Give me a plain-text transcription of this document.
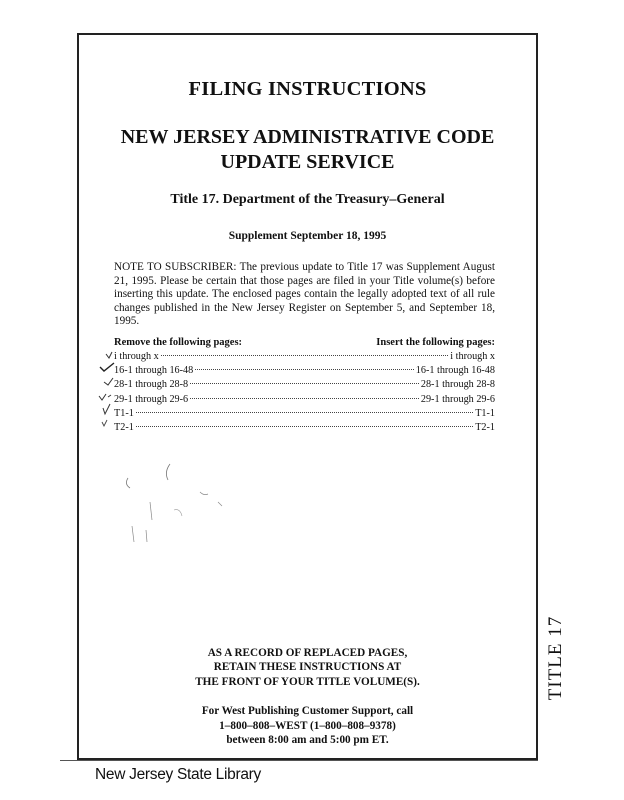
FILING INSTRUCTIONS
NEW JERSEY ADMINISTRATIVE CODE
UPDATE SERVICE
Title 17. Department of the Treasury–General
Supplement September 18, 1995
NOTE TO SUBSCRIBER: The previous update to Title 17 was Supplement August 21, 1995. Please be certain that those pages are filed in your Title volume(s) before inserting this update. The enclosed pages contain the legally adopted text of all rule changes published in the New Jersey Register on September 5, and September 18, 1995.
Remove the following pages:	Insert the following pages:
i through x	i through x
16-1 through 16-48	16-1 through 16-48
28-1 through 28-8	28-1 through 28-8
29-1 through 29-6	29-1 through 29-6
T1-1	T1-1
T2-1	T2-1
TITLE 17
AS A RECORD OF REPLACED PAGES,
RETAIN THESE INSTRUCTIONS AT
THE FRONT OF YOUR TITLE VOLUME(S).
For West Publishing Customer Support, call
1–800–808–WEST (1–800–808–9378)
between 8:00 am and 5:00 pm ET.
New Jersey State Library
